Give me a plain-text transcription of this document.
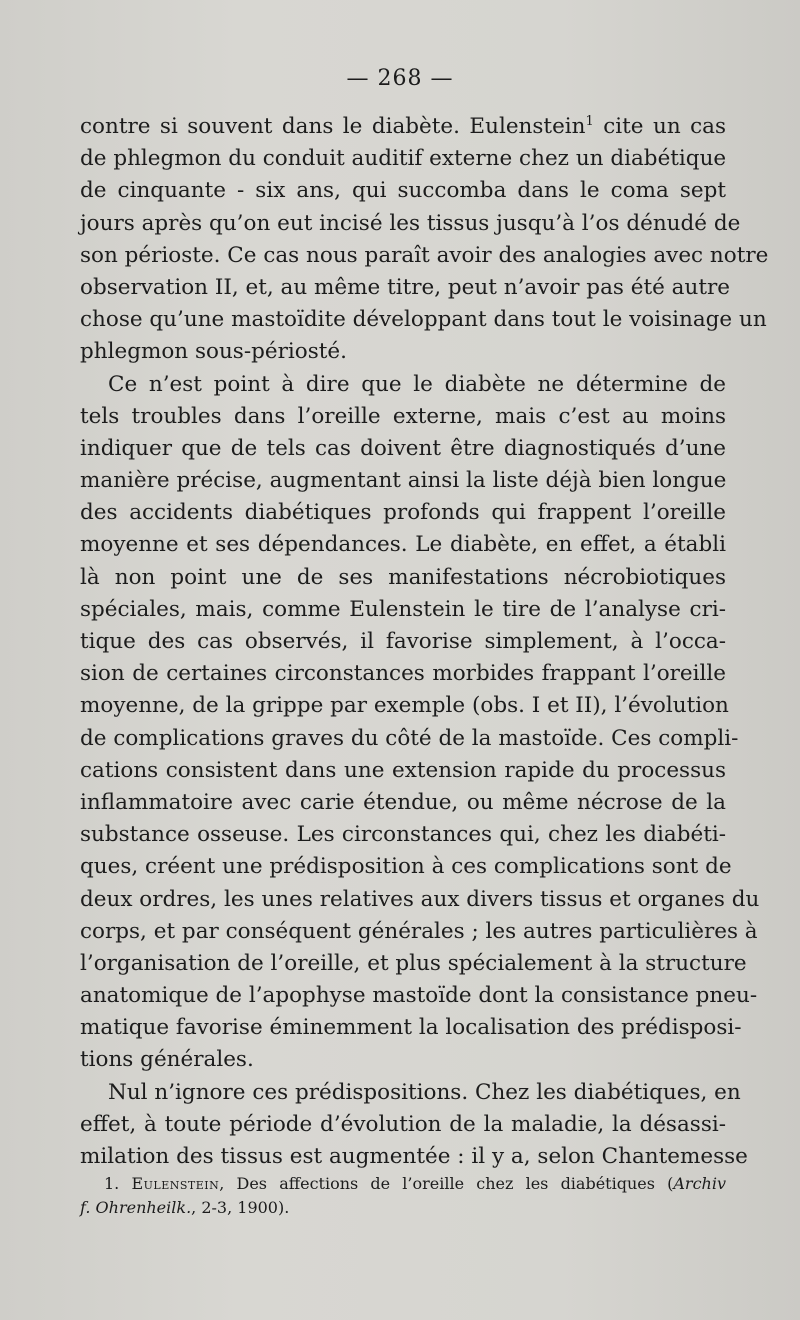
— 268 —
contre si souvent dans le diabète. Eulenstein$^1$ cite un cas
de phlegmon du conduit auditif externe chez un diabétique
de cinquante - six ans, qui succomba dans le coma sept
jours après qu’on eut incisé les tissus jusqu’à l’os dénudé de
son périoste. Ce cas nous paraît avoir des analogies avec notre
observation II, et, au même titre, peut n’avoir pas été autre
chose qu’une mastoïdite développant dans tout le voisinage un
phlegmon sous-périosté.
Ce n’est point à dire que le diabète ne détermine de
tels troubles dans l’oreille externe, mais c’est au moins
indiquer que de tels cas doivent être diagnostiqués d’une
manière précise, augmentant ainsi la liste déjà bien longue
des accidents diabétiques profonds qui frappent l’oreille
moyenne et ses dépendances. Le diabète, en effet, a établi
là non point une de ses manifestations nécrobiotiques
spéciales, mais, comme Eulenstein le tire de l’analyse cri-
tique des cas observés, il favorise simplement, à l’occa-
sion de certaines circonstances morbides frappant l’oreille
moyenne, de la grippe par exemple (obs. I et II), l’évolution
de complications graves du côté de la mastoïde. Ces compli-
cations consistent dans une extension rapide du processus
inflammatoire avec carie étendue, ou même nécrose de la
substance osseuse. Les circonstances qui, chez les diabéti-
ques, créent une prédisposition à ces complications sont de
deux ordres, les unes relatives aux divers tissus et organes du
corps, et par conséquent générales ; les autres particulières à
l’organisation de l’oreille, et plus spécialement à la structure
anatomique de l’apophyse mastoïde dont la consistance pneu-
matique favorise éminemment la localisation des prédisposi-
tions générales.
Nul n’ignore ces prédispositions. Chez les diabétiques, en
effet, à toute période d’évolution de la maladie, la désassi-
milation des tissus est augmentée : il y a, selon Chantemesse
1. Eulenstein, Des affections de l’oreille chez les diabétiques (Archiv
f. Ohrenheilk., 2-3, 1900).
